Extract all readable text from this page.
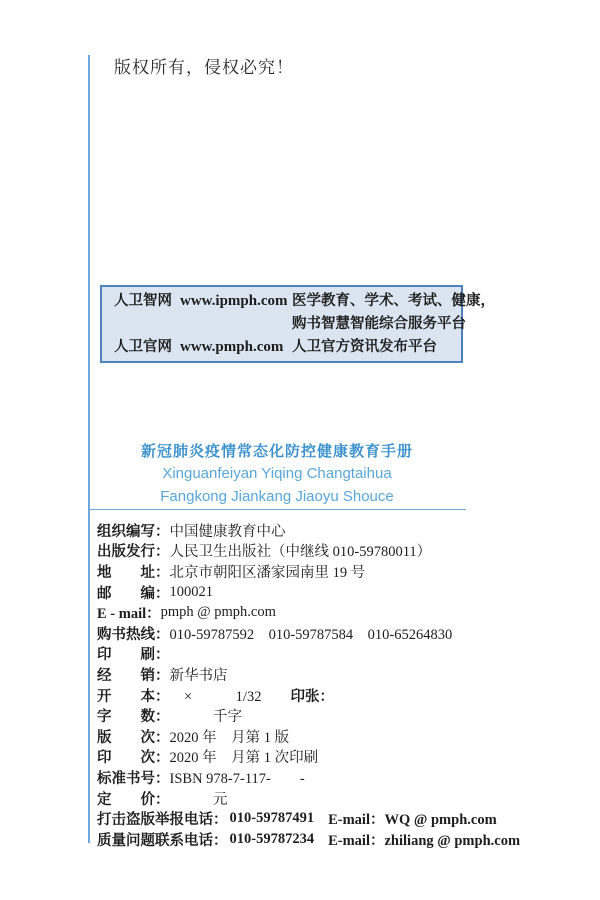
版权所有，侵权必究！
人卫智网 www.ipmph.com 医学教育、学术、考试、健康，
购书智慧智能综合服务平台
人卫官网 www.pmph.com 人卫官方资讯发布平台
新冠肺炎疫情常态化防控健康教育手册
Xinguanfeiyan Yiqing Changtaihua
Fangkong Jiankang Jiaoyu Shouce
组织编写： 中国健康教育中心
出版发行： 人民卫生出版社（中继线 010-59780011）
地　　址： 北京市朝阳区潘家园南里 19 号
邮　　编： 100021
E - mail： pmph @ pmph.com
购书热线： 010-59787592　010-59787584　010-65264830
印　　刷：
经　　销： 新华书店
开　　本： 　×　　　1/32 　　印张：
字　　数： 　　　千字
版　　次： 2020 年　月第 1 版
印　　次： 2020 年　月第 1 次印刷
标准书号： ISBN 978-7-117-　　-
定　　价： 　　　元
打击盗版举报电话： 010-59787491 E-mail：WQ @ pmph.com
质量问题联系电话： 010-59787234 E-mail：zhiliang @ pmph.com
